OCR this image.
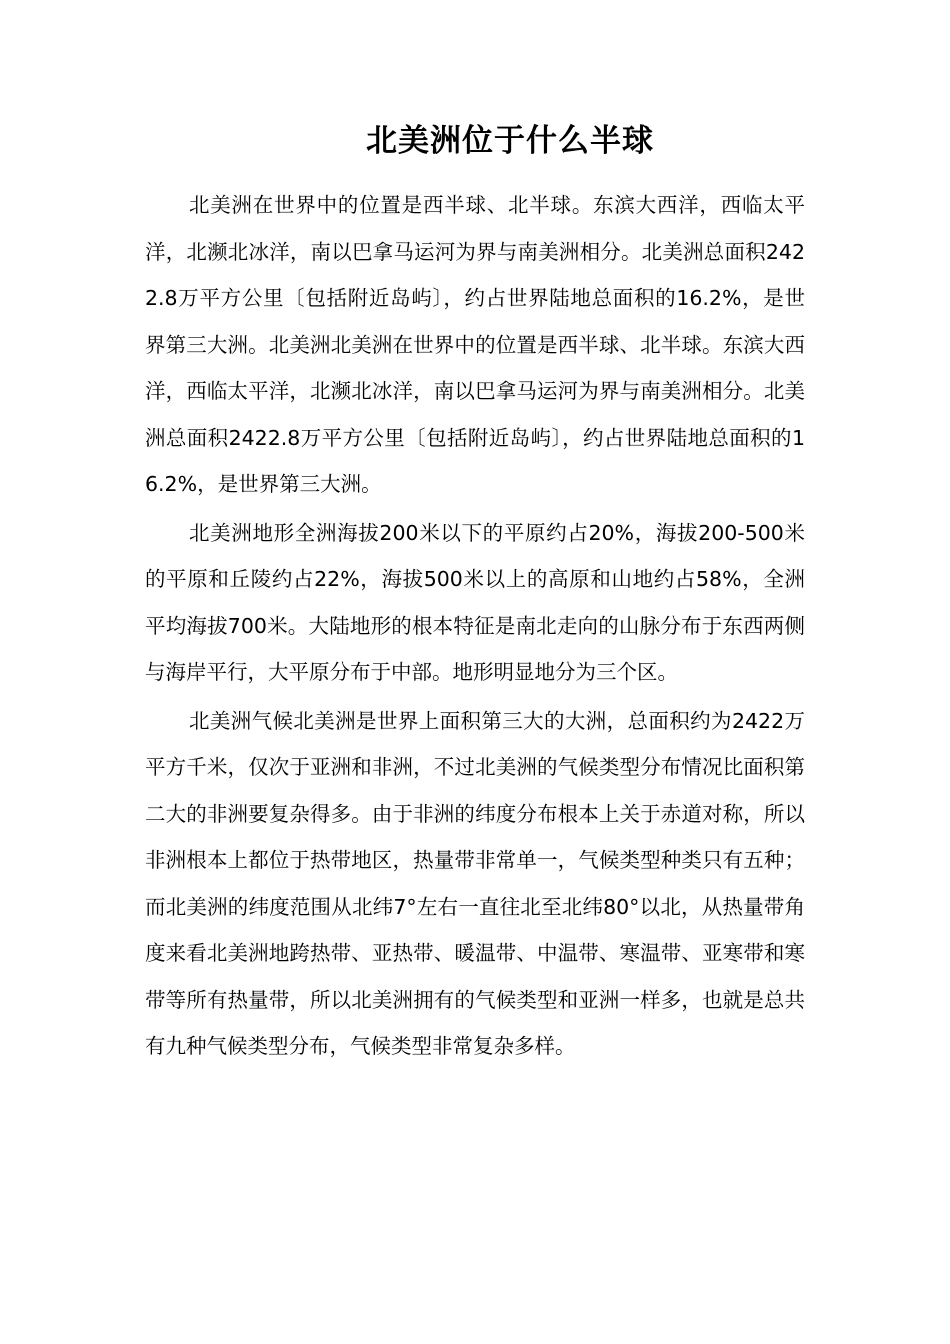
北美洲位于什么半球

北美洲在世界中的位置是西半球、北半球。东滨大西洋，西临太平洋，北濒北冰洋，南以巴拿马运河为界与南美洲相分。北美洲总面积2422.8万平方公里〔包括附近岛屿〕，约占世界陆地总面积的16.2%，是世界第三大洲。北美洲北美洲在世界中的位置是西半球、北半球。东滨大西洋，西临太平洋，北濒北冰洋，南以巴拿马运河为界与南美洲相分。北美洲总面积2422.8万平方公里〔包括附近岛屿〕，约占世界陆地总面积的16.2%，是世界第三大洲。

北美洲地形全洲海拔200米以下的平原约占20%，海拔200-500米的平原和丘陵约占22%，海拔500米以上的高原和山地约占58%，全洲平均海拔700米。大陆地形的根本特征是南北走向的山脉分布于东西两侧与海岸平行，大平原分布于中部。地形明显地分为三个区。

北美洲气候北美洲是世界上面积第三大的大洲，总面积约为2422万平方千米，仅次于亚洲和非洲，不过北美洲的气候类型分布情况比面积第二大的非洲要复杂得多。由于非洲的纬度分布根本上关于赤道对称，所以非洲根本上都位于热带地区，热量带非常单一，气候类型种类只有五种；而北美洲的纬度范围从北纬7°左右一直往北至北纬80°以北，从热量带角度来看北美洲地跨热带、亚热带、暖温带、中温带、寒温带、亚寒带和寒带等所有热量带，所以北美洲拥有的气候类型和亚洲一样多，也就是总共有九种气候类型分布，气候类型非常复杂多样。
